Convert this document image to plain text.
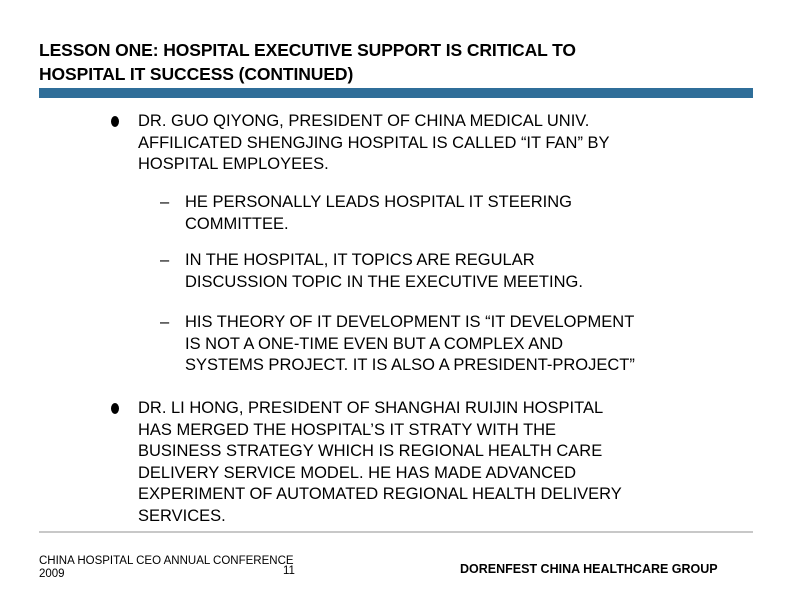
LESSON ONE: HOSPITAL EXECUTIVE SUPPORT IS CRITICAL TO
HOSPITAL IT SUCCESS (CONTINUED)
DR. GUO QIYONG, PRESIDENT OF CHINA MEDICAL UNIV.
AFFILICATED SHENGJING HOSPITAL IS CALLED “IT FAN” BY
HOSPITAL EMPLOYEES.
– HE PERSONALLY LEADS HOSPITAL IT STEERING
COMMITTEE.
– IN THE HOSPITAL, IT TOPICS ARE REGULAR
DISCUSSION TOPIC IN THE EXECUTIVE MEETING.
– HIS THEORY OF IT DEVELOPMENT IS “IT DEVELOPMENT
IS NOT A ONE-TIME EVEN BUT A COMPLEX AND
SYSTEMS PROJECT. IT IS ALSO A PRESIDENT-PROJECT”
DR. LI HONG, PRESIDENT OF SHANGHAI RUIJIN HOSPITAL
HAS MERGED THE HOSPITAL’S IT STRATY WITH THE
BUSINESS STRATEGY WHICH IS REGIONAL HEALTH CARE
DELIVERY SERVICE MODEL. HE HAS MADE ADVANCED
EXPERIMENT OF AUTOMATED REGIONAL HEALTH DELIVERY
SERVICES.
CHINA HOSPITAL CEO ANNUAL CONFERENCE
2009	11	DORENFEST CHINA HEALTHCARE GROUP
